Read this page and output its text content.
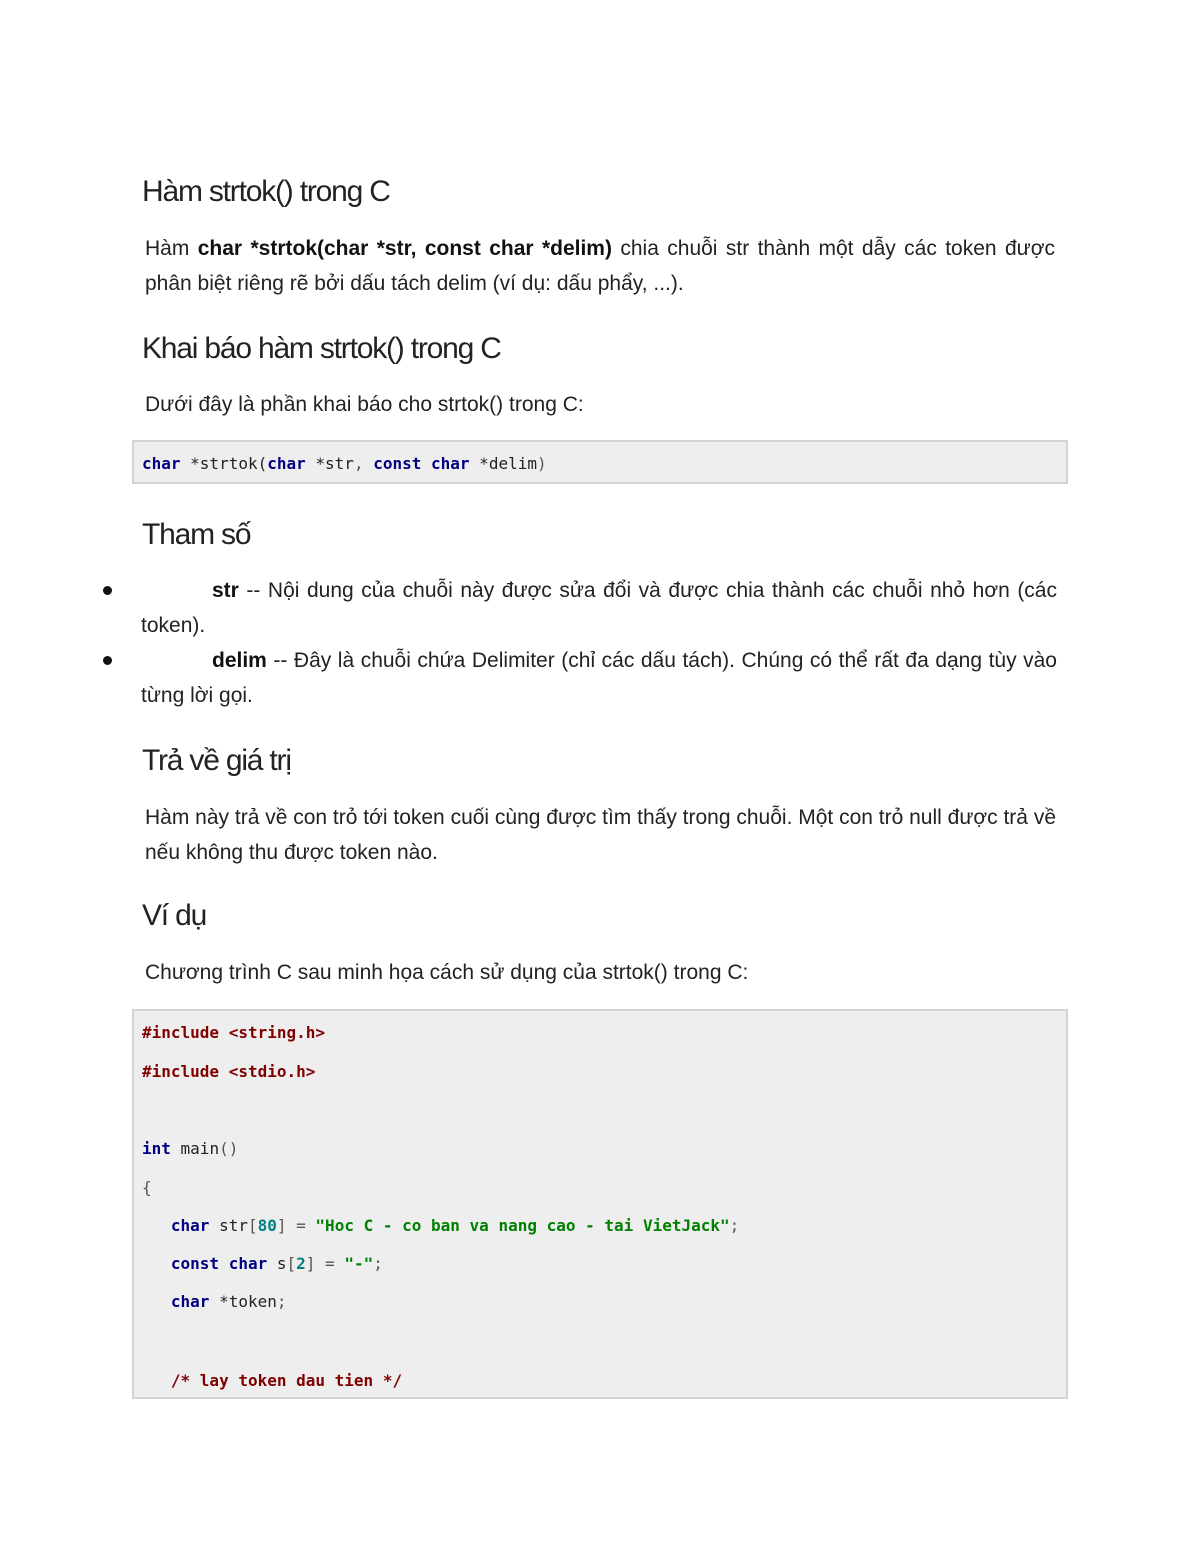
Hàm strtok() trong C

Hàm char *strtok(char *str, const char *delim) chia chuỗi str thành một dẫy các token được phân biệt riêng rẽ bởi dấu tách delim (ví dụ: dấu phẩy, ...).

Khai báo hàm strtok() trong C

Dưới đây là phần khai báo cho strtok() trong C:

char *strtok(char *str, const char *delim)
Tham số

str -- Nội dung của chuỗi này được sửa đổi và được chia thành các chuỗi nhỏ hơn (các token).

delim -- Đây là chuỗi chứa Delimiter (chỉ các dấu tách). Chúng có thể rất đa dạng tùy vào từng lời gọi.

Trả về giá trị

Hàm này trả về con trỏ tới token cuối cùng được tìm thấy trong chuỗi. Một con trỏ null được trả về nếu không thu được token nào.

Ví dụ

Chương trình C sau minh họa cách sử dụng của strtok() trong C:

#include <string.h>
#include <stdio.h>
int main()
{
char str[80] = "Hoc C - co ban va nang cao - tai VietJack";
const char s[2] = "-";
char *token;
/* lay token dau tien */
